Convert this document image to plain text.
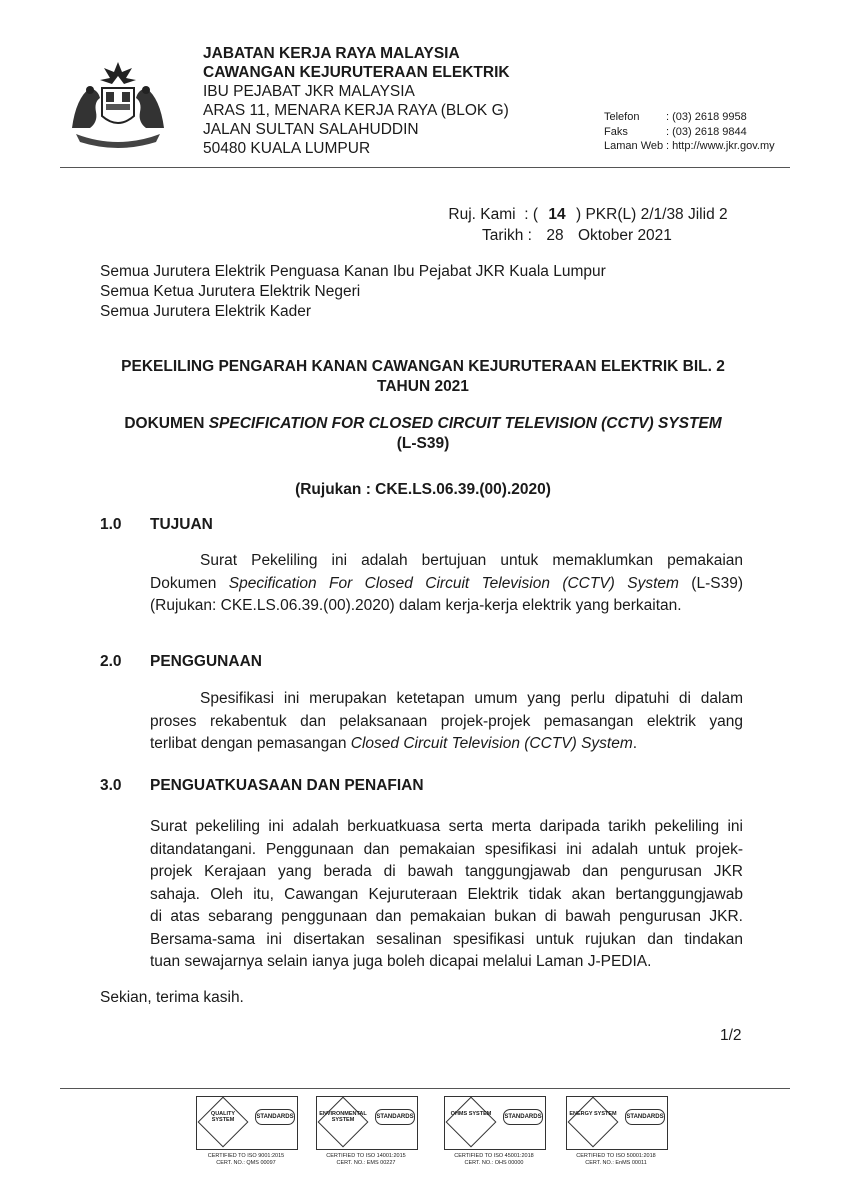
JABATAN KERJA RAYA MALAYSIA
CAWANGAN KEJURUTERAAN ELEKTRIK
IBU PEJABAT JKR MALAYSIA
ARAS 11, MENARA KERJA RAYA (BLOK G)
JALAN SULTAN SALAHUDDIN
50480 KUALA LUMPUR
Telefon	: (03) 2618 9958
Faks	: (03) 2618 9844
Laman Web : http://www.jkr.gov.my
Ruj. Kami  : ( 14 ) PKR(L) 2/1/38 Jilid 2
Tarikh : 28 Oktober 2021
Semua Jurutera Elektrik Penguasa Kanan Ibu Pejabat JKR Kuala Lumpur
Semua Ketua Jurutera Elektrik Negeri
Semua Jurutera Elektrik Kader
PEKELILING PENGARAH KANAN CAWANGAN KEJURUTERAAN ELEKTRIK BIL. 2
TAHUN 2021
DOKUMEN SPECIFICATION FOR CLOSED CIRCUIT TELEVISION (CCTV) SYSTEM
(L-S39)
(Rujukan : CKE.LS.06.39.(00).2020)
1.0 TUJUAN
Surat Pekeliling ini adalah bertujuan untuk memaklumkan pemakaian
Dokumen Specification For Closed Circuit Television (CCTV) System (L-S39)
(Rujukan: CKE.LS.06.39.(00).2020) dalam kerja-kerja elektrik yang berkaitan.
2.0 PENGGUNAAN
Spesifikasi ini merupakan ketetapan umum yang perlu dipatuhi di dalam
proses rekabentuk dan pelaksanaan projek-projek pemasangan elektrik yang
terlibat dengan pemasangan Closed Circuit Television (CCTV) System.
3.0 PENGUATKUASAAN DAN PENAFIAN
Surat pekeliling ini adalah berkuatkuasa serta merta daripada tarikh pekeliling ini
ditandatangani. Penggunaan dan pemakaian spesifikasi ini adalah untuk projek-
projek Kerajaan yang berada di bawah tanggungjawab dan pengurusan JKR
sahaja. Oleh itu, Cawangan Kejuruteraan Elektrik tidak akan bertanggungjawab
di atas sebarang penggunaan dan pemakaian bukan di bawah pengurusan JKR.
Bersama-sama ini disertakan sesalinan spesifikasi untuk rujukan dan tindakan
tuan sewajarnya selain ianya juga boleh dicapai melalui Laman J-PEDIA.
Sekian, terima kasih.
1/2
QUALITY SYSTEM	STANDARDS
CERTIFIED TO ISO 9001:2015
CERT. NO.: QMS 00097
ENVIRONMENTAL SYSTEM	STANDARDS
CERTIFIED TO ISO 14001:2015
CERT. NO.: EMS 00227
OHMS SYSTEM	STANDARDS
CERTIFIED TO ISO 45001:2018
CERT. NO.: OHS 00000
ENERGY SYSTEM STANDARDS
CERTIFIED TO ISO 50001:2018
CERT. NO.: EnMS 00011
